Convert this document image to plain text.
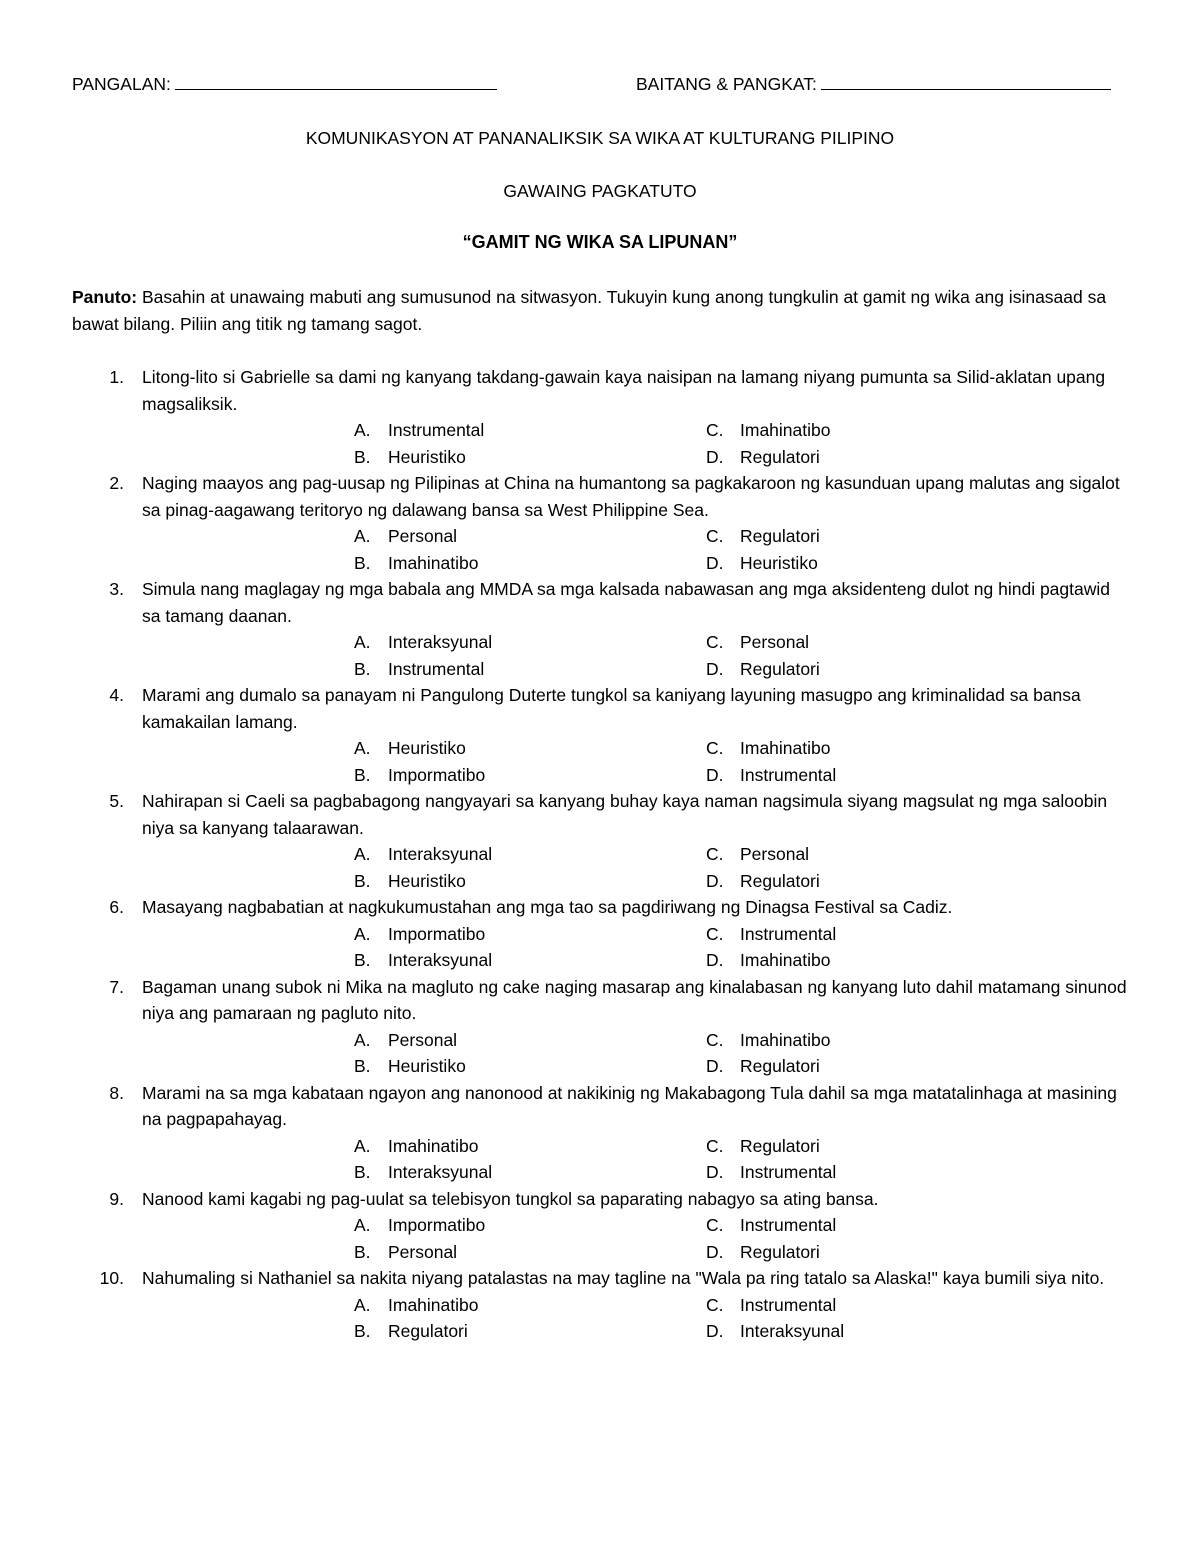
PANGALAN:	BAITANG & PANGKAT:
KOMUNIKASYON AT PANANALIKSIK SA WIKA AT KULTURANG PILIPINO
GAWAING PAGKATUTO
“GAMIT NG WIKA SA LIPUNAN”
Panuto: Basahin at unawaing mabuti ang sumusunod na sitwasyon. Tukuyin kung anong tungkulin at gamit ng wika ang isinasaad sa bawat bilang. Piliin ang titik ng tamang sagot.
1. Litong-lito si Gabrielle sa dami ng kanyang takdang-gawain kaya naisipan na lamang niyang pumunta sa Silid-aklatan upang magsaliksik.
A. Instrumental
B. Heuristiko
C. Imahinatibo
D. Regulatori
2. Naging maayos ang pag-uusap ng Pilipinas at China na humantong sa pagkakaroon ng kasunduan upang malutas ang sigalot sa pinag-aagawang teritoryo ng dalawang bansa sa West Philippine Sea.
A. Personal
B. Imahinatibo
C. Regulatori
D. Heuristiko
3. Simula nang maglagay ng mga babala ang MMDA sa mga kalsada nabawasan ang mga aksidenteng dulot ng hindi pagtawid sa tamang daanan.
A. Interaksyunal
B. Instrumental
C. Personal
D. Regulatori
4. Marami ang dumalo sa panayam ni Pangulong Duterte tungkol sa kaniyang layuning masugpo ang kriminalidad sa bansa kamakailan lamang.
A. Heuristiko
B. Impormatibo
C. Imahinatibo
D. Instrumental
5. Nahirapan si Caeli sa pagbabagong nangyayari sa kanyang buhay kaya naman nagsimula siyang magsulat ng mga saloobin niya sa kanyang talaarawan.
A. Interaksyunal
B. Heuristiko
C. Personal
D. Regulatori
6. Masayang nagbabatian at nagkukumustahan ang mga tao sa pagdiriwang ng Dinagsa Festival sa Cadiz.
A. Impormatibo
B. Interaksyunal
C. Instrumental
D. Imahinatibo
7. Bagaman unang subok ni Mika na magluto ng cake naging masarap ang kinalabasan ng kanyang luto dahil matamang sinunod niya ang pamaraan ng pagluto nito.
A. Personal
B. Heuristiko
C. Imahinatibo
D. Regulatori
8. Marami na sa mga kabataan ngayon ang nanonood at nakikinig ng Makabagong Tula dahil sa mga matatalinhaga at masining na pagpapahayag.
A. Imahinatibo
B. Interaksyunal
C. Regulatori
D. Instrumental
9. Nanood kami kagabi ng pag-uulat sa telebisyon tungkol sa paparating nabagyo sa ating bansa.
A. Impormatibo
B. Personal
C. Instrumental
D. Regulatori
10. Nahumaling si Nathaniel sa nakita niyang patalastas na may tagline na "Wala pa ring tatalo sa Alaska!" kaya bumili siya nito.
A. Imahinatibo
B. Regulatori
C. Instrumental
D. Interaksyunal
